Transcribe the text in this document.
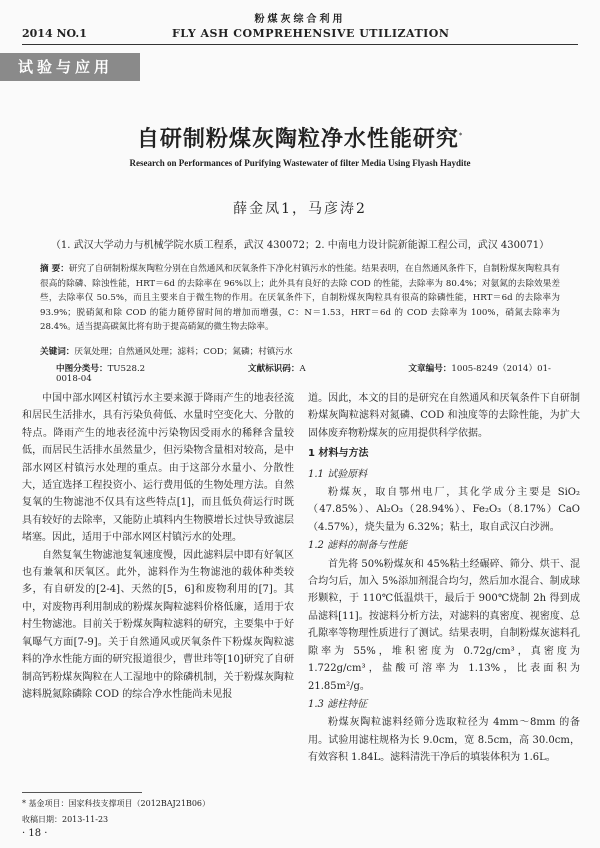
粉煤灰综合利用
2014 NO.1	FLY ASH COMPREHENSIVE UTILIZATION
试验与应用
自研制粉煤灰陶粒净水性能研究*
Research on Performances of Purifying Wastewater of filter Media Using Flyash Haydite
薛金凤1，马彦涛2
（1. 武汉大学动力与机械学院水质工程系，武汉 430072；2. 中南电力设计院新能源工程公司，武汉 430071）
摘 要：研究了自研制粉煤灰陶粒分别在自然通风和厌氧条件下净化村镇污水的性能。结果表明，在自然通风条件下，自制粉煤灰陶粒具有很高的除磷、除浊性能，HRT＝6d 的去除率在 96%以上；此外具有良好的去除 COD 的性能，去除率为 80.4%；对氨氮的去除效果差些，去除率仅 50.5%，而且主要来自于微生物的作用。在厌氧条件下，自制粉煤灰陶粒具有很高的除磷性能，HRT＝6d 的去除率为 93.9%；脱硝氮和除 COD 的能力随停留时间的增加而增强，C：N＝1.53，HRT＝6d 的 COD 去除率为 100%，硝氮去除率为 28.4%。适当提高碳氮比将有助于提高硝氮的微生物去除率。
关键词：厌氧处理；自然通风处理；滤料；COD；氮磷；村镇污水
中图分类号：TU528.2	文献标识码：A	文章编号：1005-8249（2014）01-0018-04

中国中部水网区村镇污水主要来源于降雨产生的地表径流和居民生活排水，具有污染负荷低、水量时空变化大、分散的特点。降雨产生的地表径流中污染物因受雨水的稀释含量较低，而居民生活排水虽然量少，但污染物含量相对较高，是中部水网区村镇污水处理的重点。由于这部分水量小、分散性大，适宜选择工程投资小、运行费用低的生物处理方法。自然复氧的生物滤池不仅具有这些特点[1]，而且低负荷运行时既具有较好的去除率，又能防止填料内生物膜增长过快导致滤层堵塞。因此，适用于中部水网区村镇污水的处理。

自然复氧生物滤池复氧速度慢，因此滤料层中即有好氧区也有兼氧和厌氧区。此外，滤料作为生物滤池的载体种类较多，有自研发的[2-4]、天然的[5，6]和废物利用的[7]。其中，对废物再利用制成的粉煤灰陶粒滤料价格低廉，适用于农村生物滤池。目前关于粉煤灰陶粒滤料的研究，主要集中于好氧曝气方面[7-9]。关于自然通风或厌氧条件下粉煤灰陶粒滤料的净水性能方面的研究报道很少，曹世玮等[10]研究了自研制高钙粉煤灰陶粒在人工湿地中的除磷机制，关于粉煤灰陶粒滤料脱氮除磷除 COD 的综合净水性能尚未见报

道。因此，本文的目的是研究在自然通风和厌氧条件下自研制粉煤灰陶粒滤料对氮磷、COD 和浊度等的去除性能，为扩大固体废弃物粉煤灰的应用提供科学依据。

1 材料与方法
1.1 试验原料

粉煤灰，取自鄂州电厂，其化学成分主要是 SiO₂（47.85%）、Al₂O₃（28.94%）、Fe₂O₃（8.17%）CaO（4.57%），烧失量为 6.32%；粘土，取自武汉白沙洲。

1.2 滤料的制备与性能

首先将 50%粉煤灰和 45%粘土经碾碎、筛分、烘干、混合均匀后，加入 5%添加剂混合均匀，然后加水混合、制成球形颗粒，于 110℃低温烘干，最后于 900℃烧制 2h 得到成品滤料[11]。按滤料分析方法，对滤料的真密度、视密度、总孔隙率等物理性质进行了测试。结果表明，自制粉煤灰滤料孔隙率为 55%，堆积密度为 0.72g/cm³，真密度为 1.722g/cm³，盐酸可溶率为 1.13%，比表面积为 21.85m²/g。

1.3 滤柱特征

粉煤灰陶粒滤料经筛分选取粒径为 4mm～8mm 的备用。试验用滤柱规格为长 9.0cm，宽 8.5cm，高 30.0cm，有效容积 1.84L。滤料清洗干净后的填装体积为 1.6L。

* 基金项目：国家科技支撑项目（2012BAJ21B06）
收稿日期：2013-11-23
· 18 ·
